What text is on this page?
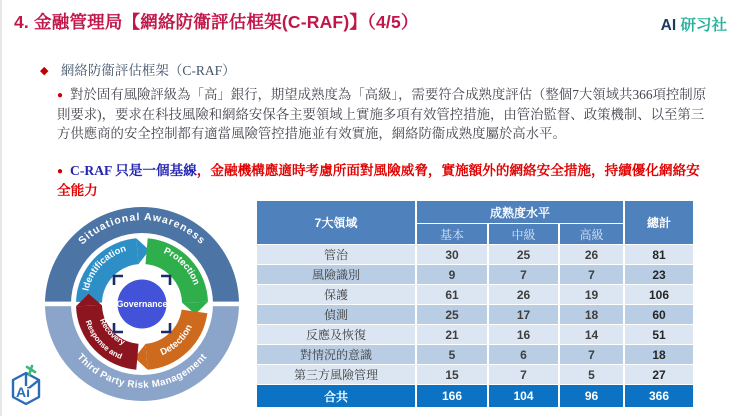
4. 金融管理局【網絡防衞評估框架(C-RAF)】（4/5）	AI 研习社
◆ 網絡防衞評估框架（C-RAF）
● 對於固有風險評級為「高」銀行，期望成熟度為「高級」，需要符合成熟度評估（整個7大領域共366項控制原則要求)，要求在科技風險和網絡安保各主要領域上實施多項有效管控措施，由管治監督、政策機制、以至第三方供應商的安全控制都有適當風險管控措施並有效實施，網絡防衞成熟度屬於高水平。
● C-RAF 只是一個基線，金融機構應適時考慮所面對風險威脅，實施額外的網絡安全措施，持續優化網絡安全能力
Situational Awareness
Third Party Risk Management
Identification	Protection
Detection
Response and
Recovery
Governance
Ai
7大領域	成熟度水平			總計
	基本	中級	高級	
管治	30	25	26	81
風險識別	9	7	7	23
保護	61	26	19	106
偵測	25	17	18	60
反應及恢復	21	16	14	51
對情況的意識	5	6	7	18
第三方風險管理	15	7	5	27
合共	166	104	96	366
